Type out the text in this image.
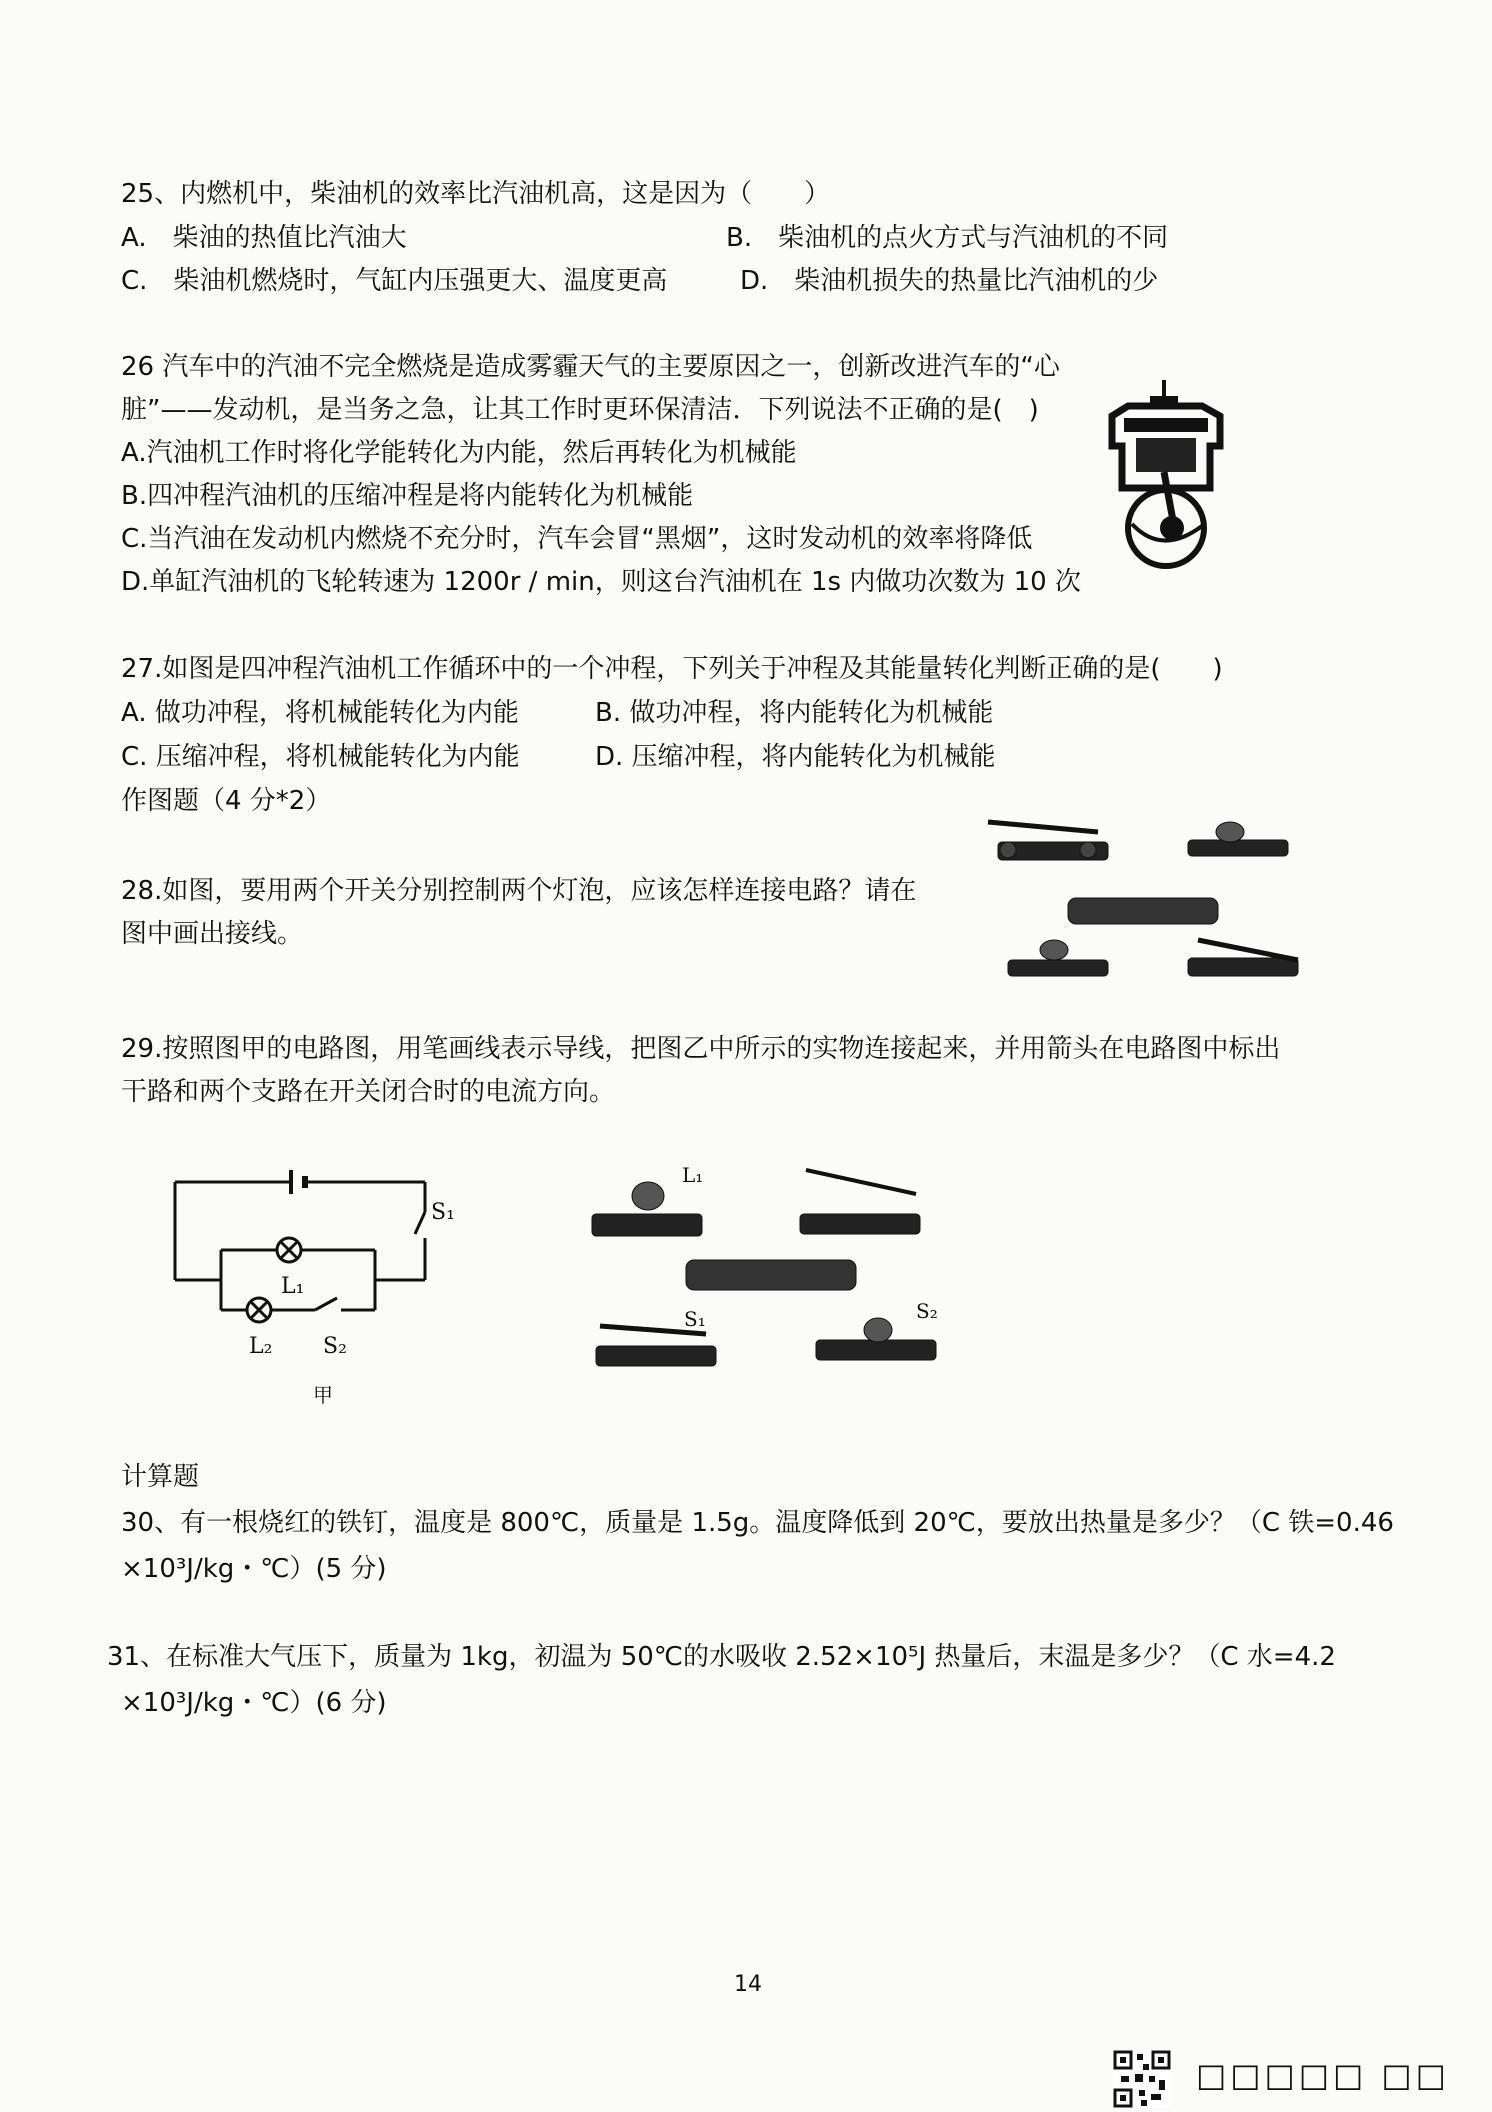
25、内燃机中，柴油机的效率比汽油机高，这是因为（　　）
A.　柴油的热值比汽油大	B.　柴油机的点火方式与汽油机的不同
C.　柴油机燃烧时，气缸内压强更大、温度更高	D.　柴油机损失的热量比汽油机的少
26 汽车中的汽油不完全燃烧是造成雾霾天气的主要原因之一，创新改进汽车的“心
脏”——发动机，是当务之急，让其工作时更环保清洁．下列说法不正确的是(　)
A.汽油机工作时将化学能转化为内能，然后再转化为机械能
B.四冲程汽油机的压缩冲程是将内能转化为机械能
C.当汽油在发动机内燃烧不充分时，汽车会冒“黑烟”，这时发动机的效率将降低
D.单缸汽油机的飞轮转速为 1200r / min，则这台汽油机在 1s 内做功次数为 10 次
27.如图是四冲程汽油机工作循环中的一个冲程，下列关于冲程及其能量转化判断正确的是(　　)
A. 做功冲程，将机械能转化为内能	B. 做功冲程，将内能转化为机械能
C. 压缩冲程，将机械能转化为内能	D. 压缩冲程，将内能转化为机械能
作图题（4 分*2）
28.如图，要用两个开关分别控制两个灯泡，应该怎样连接电路？请在
图中画出接线。
29.按照图甲的电路图，用笔画线表示导线，把图乙中所示的实物连接起来，并用箭头在电路图中标出
干路和两个支路在开关闭合时的电流方向。
S₁
L₁
L₂ S₂
甲
L₁
S₁	S₂
计算题
30、有一根烧红的铁钉，温度是 800℃，质量是 1.5g。温度降低到 20℃，要放出热量是多少？（C 铁=0.46
×10³J/kg・℃）(5 分)
31、在标准大气压下，质量为 1kg，初温为 50℃的水吸收 2.52×10⁵J 热量后，末温是多少？（C 水=4.2
×10³J/kg・℃）(6 分)
14
□□□□□ □□
